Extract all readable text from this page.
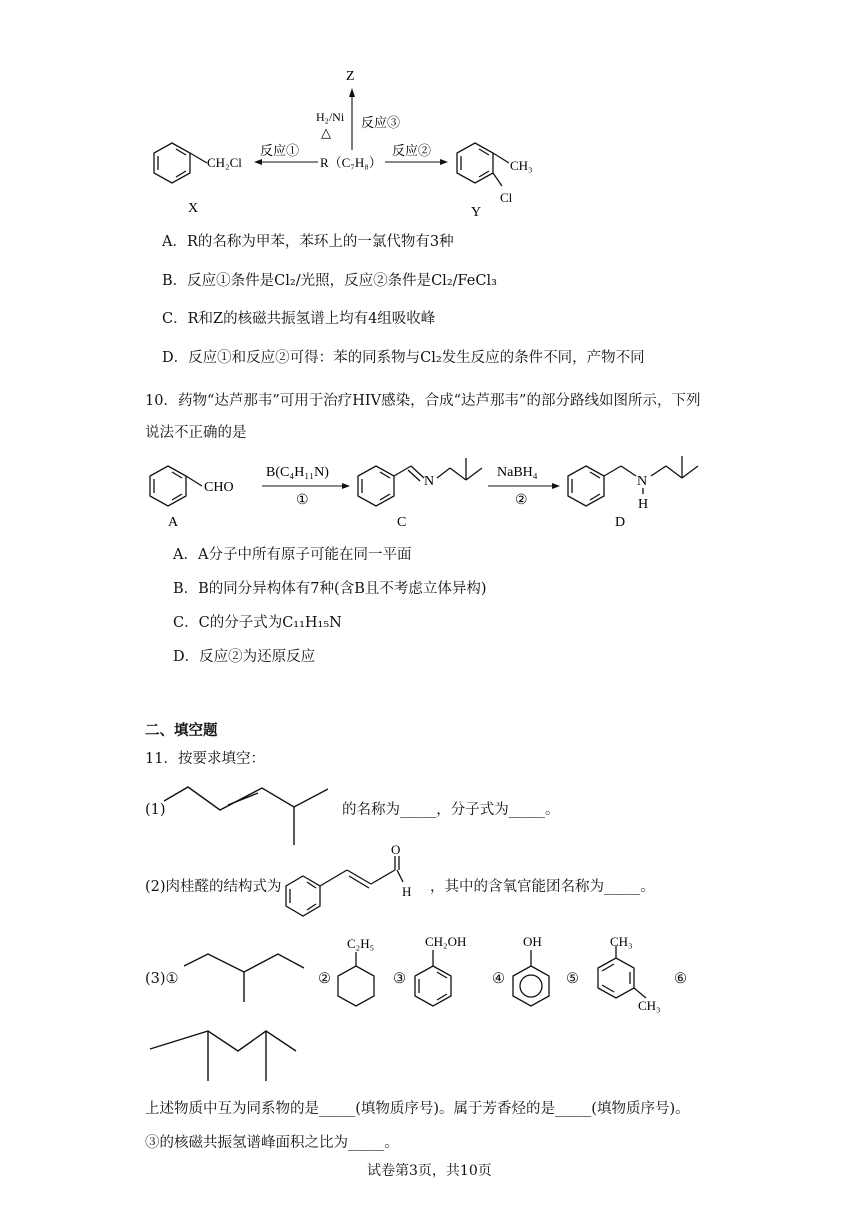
CH₂Cl
X
反应①
R（C₇H₈）
Z
H₂/Ni
△
反应③
反应②
CH₃
Cl
Y
A．R的名称为甲苯，苯环上的一氯代物有3种
B．反应①条件是Cl₂/光照，反应②条件是Cl₂/FeCl₃
C．R和Z的核磁共振氢谱上均有4组吸收峰
D．反应①和反应②可得：苯的同系物与Cl₂发生反应的条件不同，产物不同
10．药物“达芦那韦”可用于治疗HIV感染，合成“达芦那韦”的部分路线如图所示，下列
说法不正确的是
CHO
A
B(C₄H₁₁N)
①
N
C
NaBH₄
②
N
H
D
A．A分子中所有原子可能在同一平面
B．B的同分异构体有7种(含B且不考虑立体异构)
C．C的分子式为C₁₁H₁₅N
D．反应②为还原反应
二、填空题
11．按要求填空：
(1)	的名称为_____，分子式为_____。
(2)肉桂醛的结构式为
O
H ，其中的含氧官能团名称为_____。
(3)①	②
C₂H₅
③
CH₂OH
④
OH
⑤
CH₃
CH₃
⑥
上述物质中互为同系物的是_____(填物质序号)。属于芳香烃的是_____(填物质序号)。
③的核磁共振氢谱峰面积之比为_____。
试卷第3页，共10页
